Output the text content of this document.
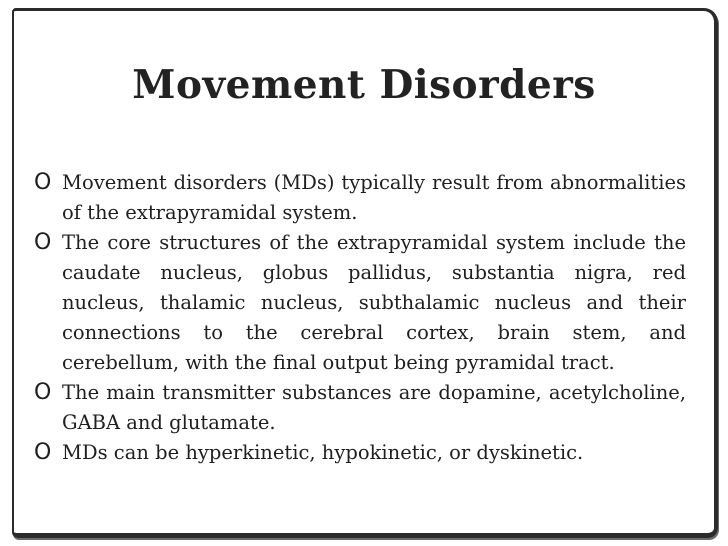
Movement Disorders
O Movement disorders (MDs) typically result from abnormalities of the extrapyramidal system.
O The core structures of the extrapyramidal system include the caudate nucleus, globus pallidus, substantia nigra, red nucleus, thalamic nucleus, subthalamic nucleus and their connections to the cerebral cortex, brain stem, and cerebellum, with the final output being pyramidal tract.
O The main transmitter substances are dopamine, acetylcholine, GABA and glutamate.
O MDs can be hyperkinetic, hypokinetic, or dyskinetic.
